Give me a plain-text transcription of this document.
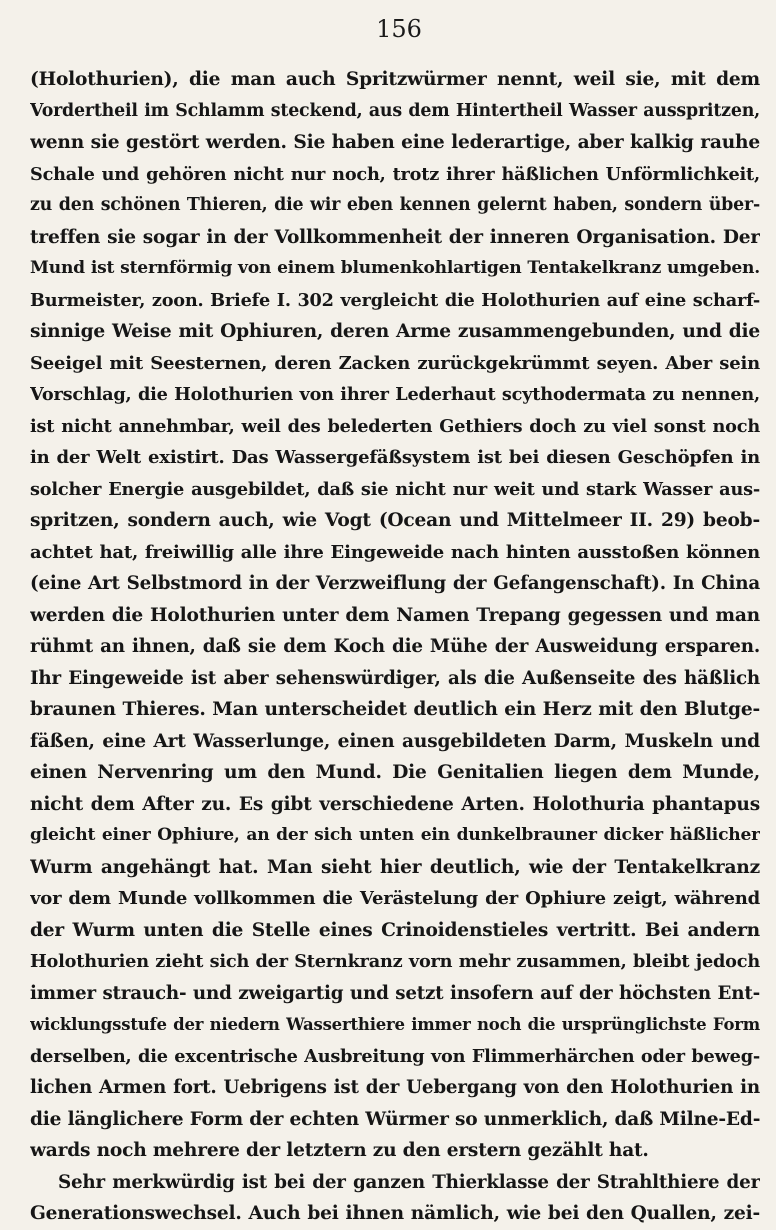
156
(Holothurien), die man auch Spritzwürmer nennt, weil sie, mit dem
Vordertheil im Schlamm steckend, aus dem Hintertheil Wasser ausspritzen,
wenn sie gestört werden. Sie haben eine lederartige, aber kalkig rauhe
Schale und gehören nicht nur noch, trotz ihrer häßlichen Unförmlichkeit,
zu den schönen Thieren, die wir eben kennen gelernt haben, sondern über-
treffen sie sogar in der Vollkommenheit der inneren Organisation. Der
Mund ist sternförmig von einem blumenkohlartigen Tentakelkranz umgeben.
Burmeister, zoon. Briefe I. 302 vergleicht die Holothurien auf eine scharf-
sinnige Weise mit Ophiuren, deren Arme zusammengebunden, und die
Seeigel mit Seesternen, deren Zacken zurückgekrümmt seyen. Aber sein
Vorschlag, die Holothurien von ihrer Lederhaut scythodermata zu nennen,
ist nicht annehmbar, weil des belederten Gethiers doch zu viel sonst noch
in der Welt existirt. Das Wassergefäßsystem ist bei diesen Geschöpfen in
solcher Energie ausgebildet, daß sie nicht nur weit und stark Wasser aus-
spritzen, sondern auch, wie Vogt (Ocean und Mittelmeer II. 29) beob-
achtet hat, freiwillig alle ihre Eingeweide nach hinten ausstoßen können
(eine Art Selbstmord in der Verzweiflung der Gefangenschaft). In China
werden die Holothurien unter dem Namen Trepang gegessen und man
rühmt an ihnen, daß sie dem Koch die Mühe der Ausweidung ersparen.
Ihr Eingeweide ist aber sehenswürdiger, als die Außenseite des häßlich
braunen Thieres. Man unterscheidet deutlich ein Herz mit den Blutge-
fäßen, eine Art Wasserlunge, einen ausgebildeten Darm, Muskeln und
einen Nervenring um den Mund. Die Genitalien liegen dem Munde,
nicht dem After zu. Es gibt verschiedene Arten. Holothuria phantapus
gleicht einer Ophiure, an der sich unten ein dunkelbrauner dicker häßlicher
Wurm angehängt hat. Man sieht hier deutlich, wie der Tentakelkranz
vor dem Munde vollkommen die Verästelung der Ophiure zeigt, während
der Wurm unten die Stelle eines Crinoidenstieles vertritt. Bei andern
Holothurien zieht sich der Sternkranz vorn mehr zusammen, bleibt jedoch
immer strauch- und zweigartig und setzt insofern auf der höchsten Ent-
wicklungsstufe der niedern Wasserthiere immer noch die ursprünglichste Form
derselben, die excentrische Ausbreitung von Flimmerhärchen oder beweg-
lichen Armen fort. Uebrigens ist der Uebergang von den Holothurien in
die länglichere Form der echten Würmer so unmerklich, daß Milne-Ed-
wards noch mehrere der letztern zu den erstern gezählt hat.
Sehr merkwürdig ist bei der ganzen Thierklasse der Strahlthiere der
Generationswechsel. Auch bei ihnen nämlich, wie bei den Quallen, zei-
